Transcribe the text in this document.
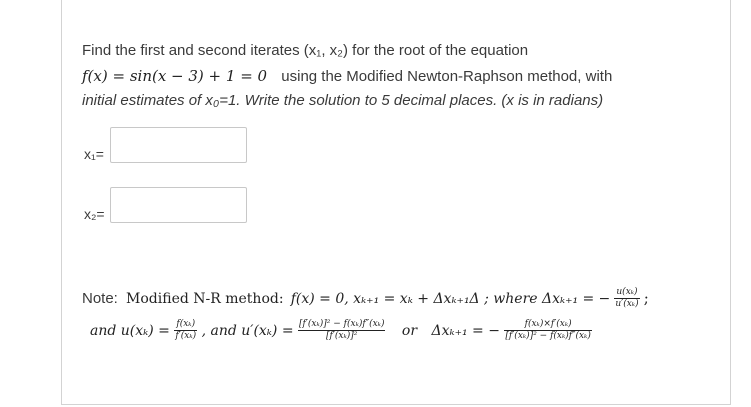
Find the first and second iterates (x₁, x₂) for the root of the equation
f(x) = sin(x − 3) + 1 = 0 using the Modified Newton-Raphson method, with
initial estimates of x₀=1. Write the solution to 5 decimal places. (x is in radians)
x₁=
x₂=
Note: Modified N-R method: f(x) = 0, xₖ₊₁ = xₖ + Δxₖ₊₁Δ ; where Δxₖ₊₁ = − $\frac{\text{u(xₖ)}}{\text{u′(xₖ)}}$ ;
and $u(x_k) = \frac{\text{f(xₖ)}}{\text{f′(xₖ)}}$ , and $u'(x_k) = \frac{\text{[f′(xₖ)]² − f(xₖ)f″(xₖ)}}{\text{[f′(xₖ)]²}}$ or Δxₖ₊₁ = − $\frac{\text{f(xₖ)×f′(xₖ)}}{\text{[f′(xₖ)]² − f(xₖ)f″(xₖ)}}$
